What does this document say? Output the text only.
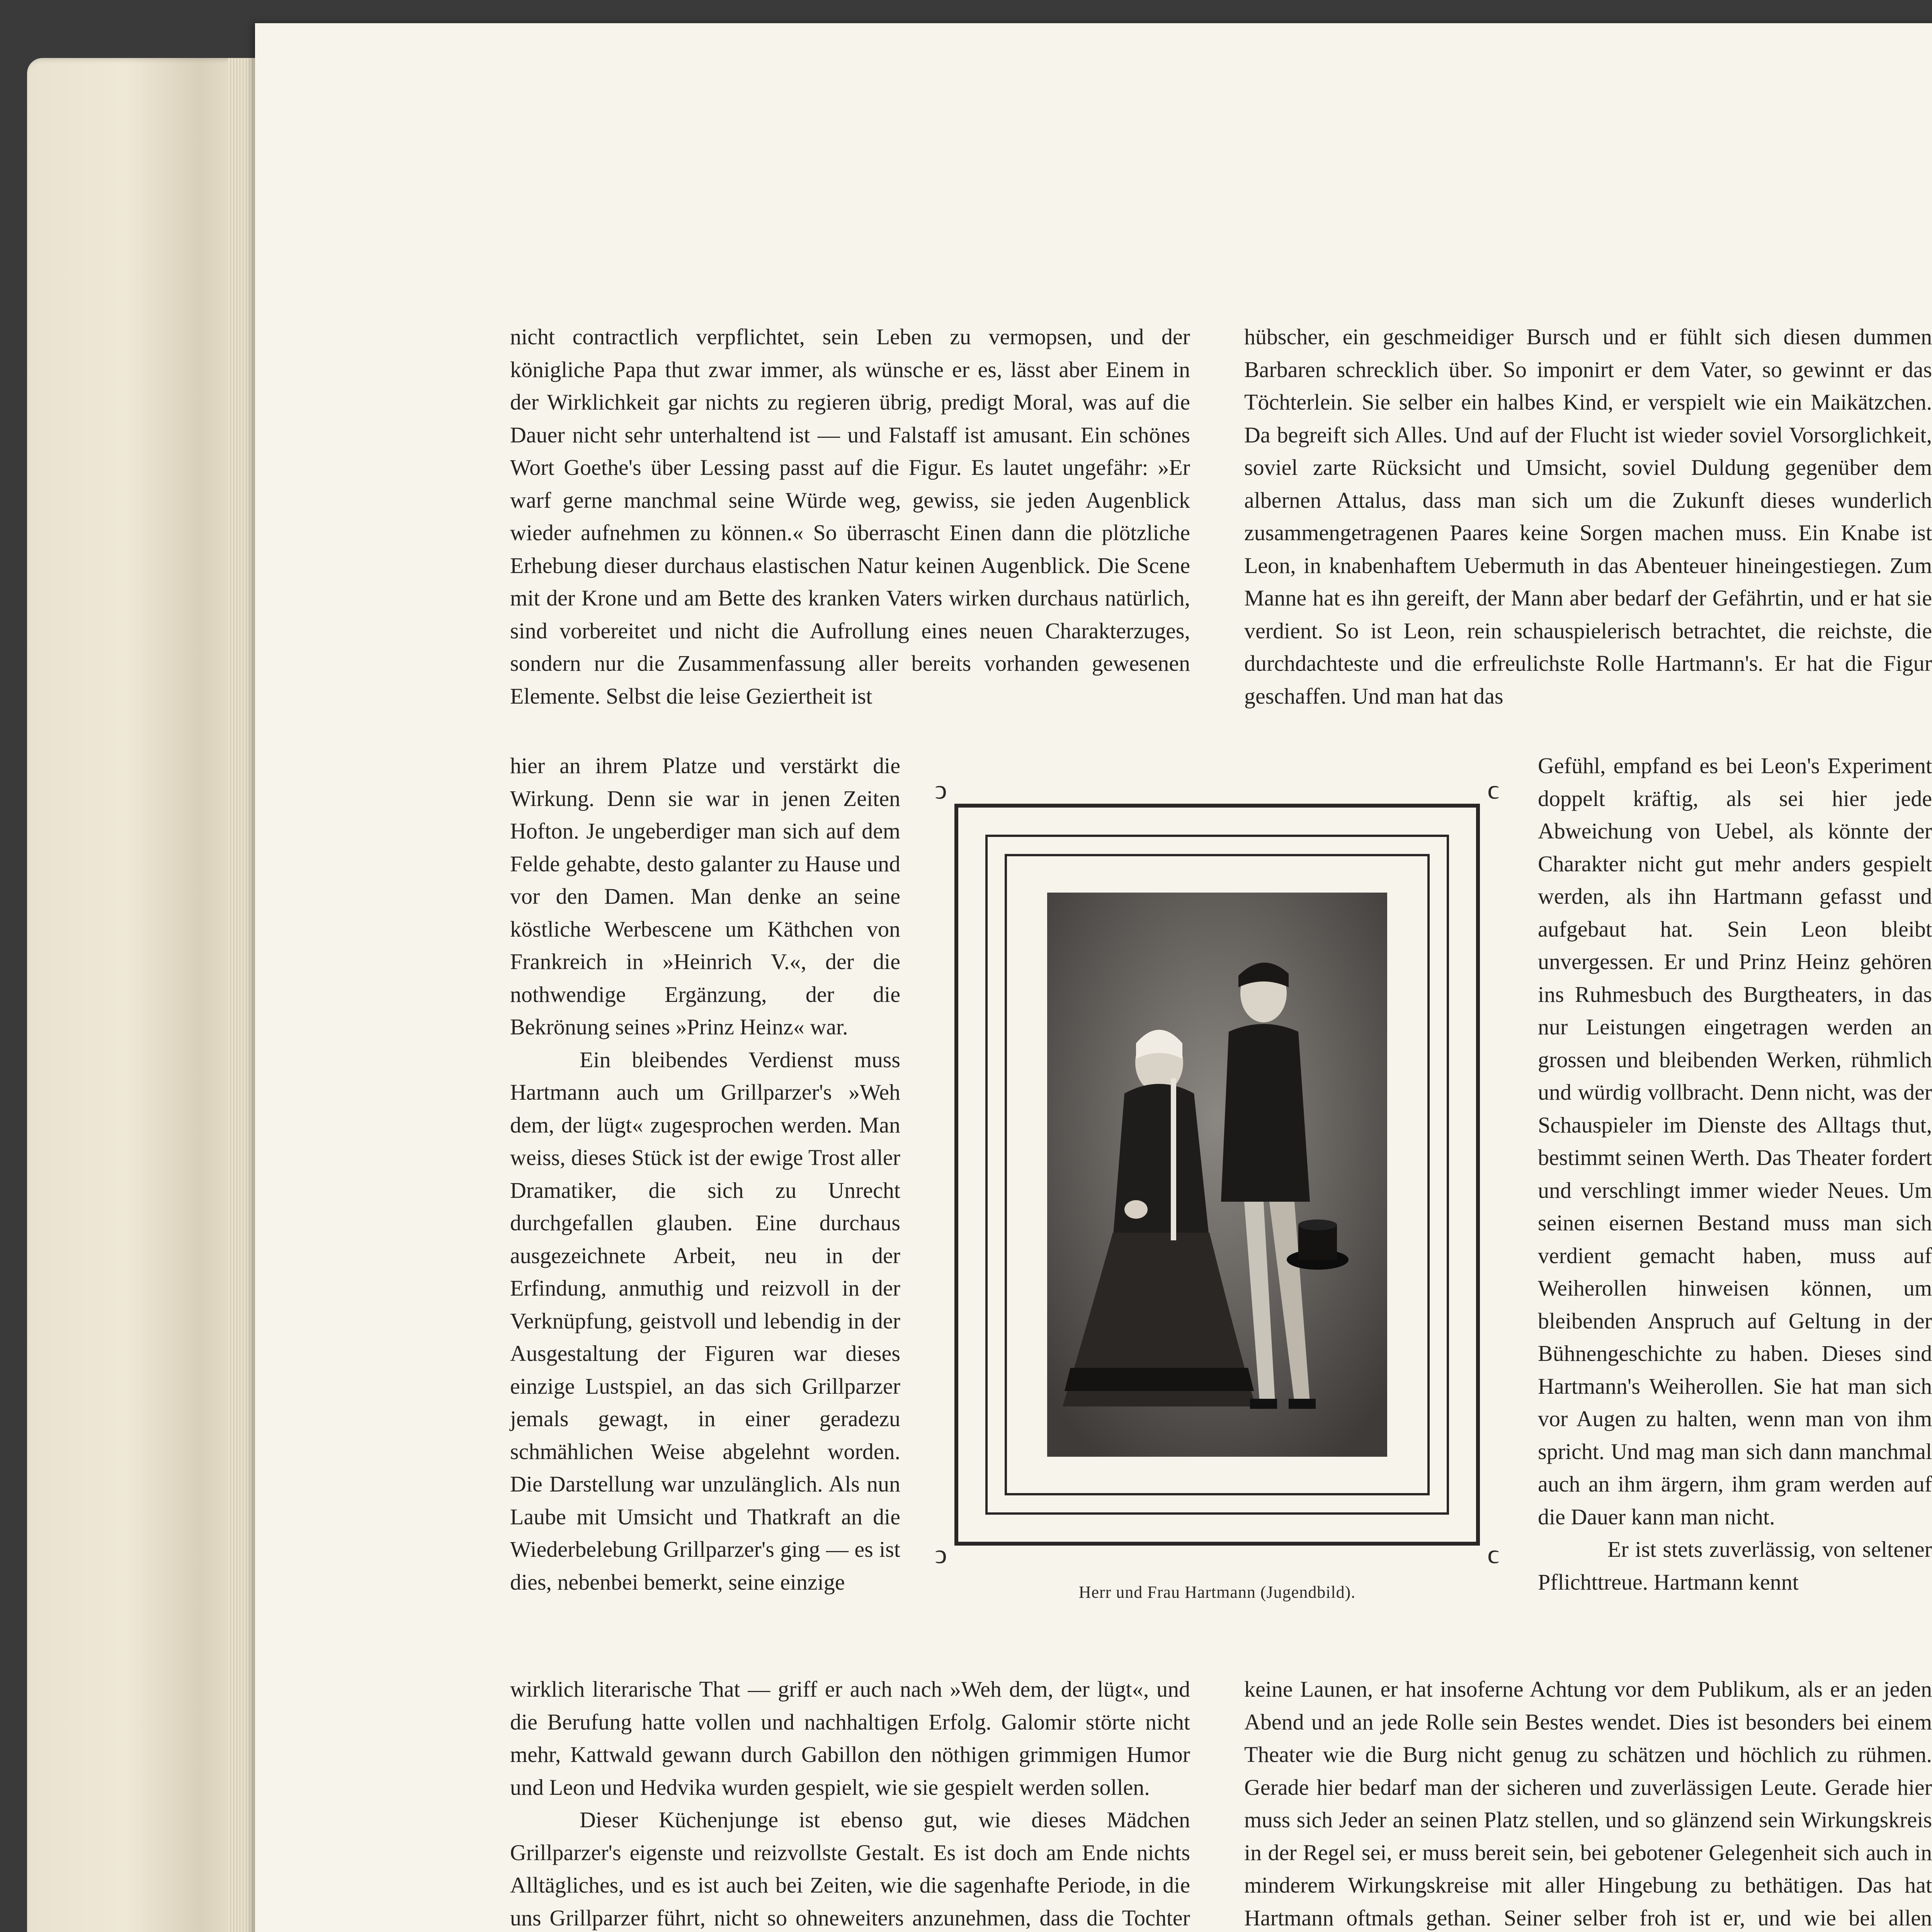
nicht contractlich verpflichtet, sein Leben zu vermopsen, und der königliche Papa thut zwar immer, als wünsche er es, lässt aber Einem in der Wirklichkeit gar nichts zu regieren übrig, predigt Moral, was auf die Dauer nicht sehr unterhaltend ist — und Falstaff ist amusant. Ein schönes Wort Goethe's über Lessing passt auf die Figur. Es lautet ungefähr: »Er warf gerne manchmal seine Würde weg, gewiss, sie jeden Augenblick wieder aufnehmen zu können.« So überrascht Einen dann die plötzliche Erhebung dieser durchaus elastischen Natur keinen Augenblick. Die Scene mit der Krone und am Bette des kranken Vaters wirken durchaus natürlich, sind vorbereitet und nicht die Aufrollung eines neuen Charakterzuges, sondern nur die Zusammenfassung aller bereits vorhanden gewesenen Elemente. Selbst die leise Geziertheit ist

hier an ihrem Platze und verstärkt die Wirkung. Denn sie war in jenen Zeiten Hofton. Je ungeberdiger man sich auf dem Felde gehabte, desto galanter zu Hause und vor den Damen. Man denke an seine köstliche Werbescene um Käthchen von Frankreich in »Heinrich V.«, der die nothwendige Ergänzung, der die Bekrönung seines »Prinz Heinz« war.

Ein bleibendes Verdienst muss Hartmann auch um Grillparzer's »Weh dem, der lügt« zugesprochen werden. Man weiss, dieses Stück ist der ewige Trost aller Dramatiker, die sich zu Unrecht durchgefallen glauben. Eine durchaus ausgezeichnete Arbeit, neu in der Erfindung, anmuthig und reizvoll in der Verknüpfung, geistvoll und lebendig in der Ausgestaltung der Figuren war dieses einzige Lustspiel, an das sich Grillparzer jemals gewagt, in einer geradezu schmählichen Weise abgelehnt worden. Die Darstellung war unzulänglich. Als nun Laube mit Umsicht und Thatkraft an die Wiederbelebung Grillparzer's ging — es ist dies, nebenbei bemerkt, seine einzige

wirklich literarische That — griff er auch nach »Weh dem, der lügt«, und die Berufung hatte vollen und nachhaltigen Erfolg. Galomir störte nicht mehr, Kattwald gewann durch Gabillon den nöthigen grimmigen Humor und Leon und Hedvika wurden gespielt, wie sie gespielt werden sollen.

Dieser Küchenjunge ist ebenso gut, wie dieses Mädchen Grillparzer's eigenste und reizvollste Gestalt. Es ist doch am Ende nichts Alltägliches, und es ist auch bei Zeiten, wie die sagenhafte Periode, in die uns Grillparzer führt, nicht so ohneweiters anzunehmen, dass die Tochter

hübscher, ein geschmeidiger Bursch und er fühlt sich diesen dummen Barbaren schrecklich über. So imponirt er dem Vater, so gewinnt er das Töchterlein. Sie selber ein halbes Kind, er verspielt wie ein Maikätzchen. Da begreift sich Alles. Und auf der Flucht ist wieder soviel Vorsorglichkeit, soviel zarte Rücksicht und Umsicht, soviel Duldung gegenüber dem albernen Attalus, dass man sich um die Zukunft dieses wunderlich zusammengetragenen Paares keine Sorgen machen muss. Ein Knabe ist Leon, in knabenhaftem Uebermuth in das Abenteuer hineingestiegen. Zum Manne hat es ihn gereift, der Mann aber bedarf der Gefährtin, und er hat sie verdient. So ist Leon, rein schauspielerisch betrachtet, die reichste, die durchdachteste und die erfreulichste Rolle Hartmann's. Er hat die Figur geschaffen. Und man hat das

Gefühl, empfand es bei Leon's Experiment doppelt kräftig, als sei hier jede Abweichung von Uebel, als könnte der Charakter nicht gut mehr anders gespielt werden, als ihn Hartmann gefasst und aufgebaut hat. Sein Leon bleibt unvergessen. Er und Prinz Heinz gehören ins Ruhmesbuch des Burgtheaters, in das nur Leistungen eingetragen werden an grossen und bleibenden Werken, rühmlich und würdig vollbracht. Denn nicht, was der Schauspieler im Dienste des Alltags thut, bestimmt seinen Werth. Das Theater fordert und verschlingt immer wieder Neues. Um seinen eisernen Bestand muss man sich verdient gemacht haben, muss auf Weiherollen hinweisen können, um bleibenden Anspruch auf Geltung in der Bühnengeschichte zu haben. Dieses sind Hartmann's Weiherollen. Sie hat man sich vor Augen zu halten, wenn man von ihm spricht. Und mag man sich dann manchmal auch an ihm ärgern, ihm gram werden auf die Dauer kann man nicht.

Er ist stets zuverlässig, von seltener Pflichttreue. Hartmann kennt

keine Launen, er hat insoferne Achtung vor dem Publikum, als er an jeden Abend und an jede Rolle sein Bestes wendet. Dies ist besonders bei einem Theater wie die Burg nicht genug zu schätzen und höchlich zu rühmen. Gerade hier bedarf man der sicheren und zuverlässigen Leute. Gerade hier muss sich Jeder an seinen Platz stellen, und so glänzend sein Wirkungskreis in der Regel sei, er muss bereit sein, bei gebotener Gelegenheit sich auch in minderem Wirkungskreise mit aller Hingebung zu bethätigen. Das hat Hartmann oftmals gethan. Seiner selber froh ist er, und wie bei allen

ↄ	ↄ
ↄ	ↄ
Herr und Frau Hartmann (Jugendbild).
